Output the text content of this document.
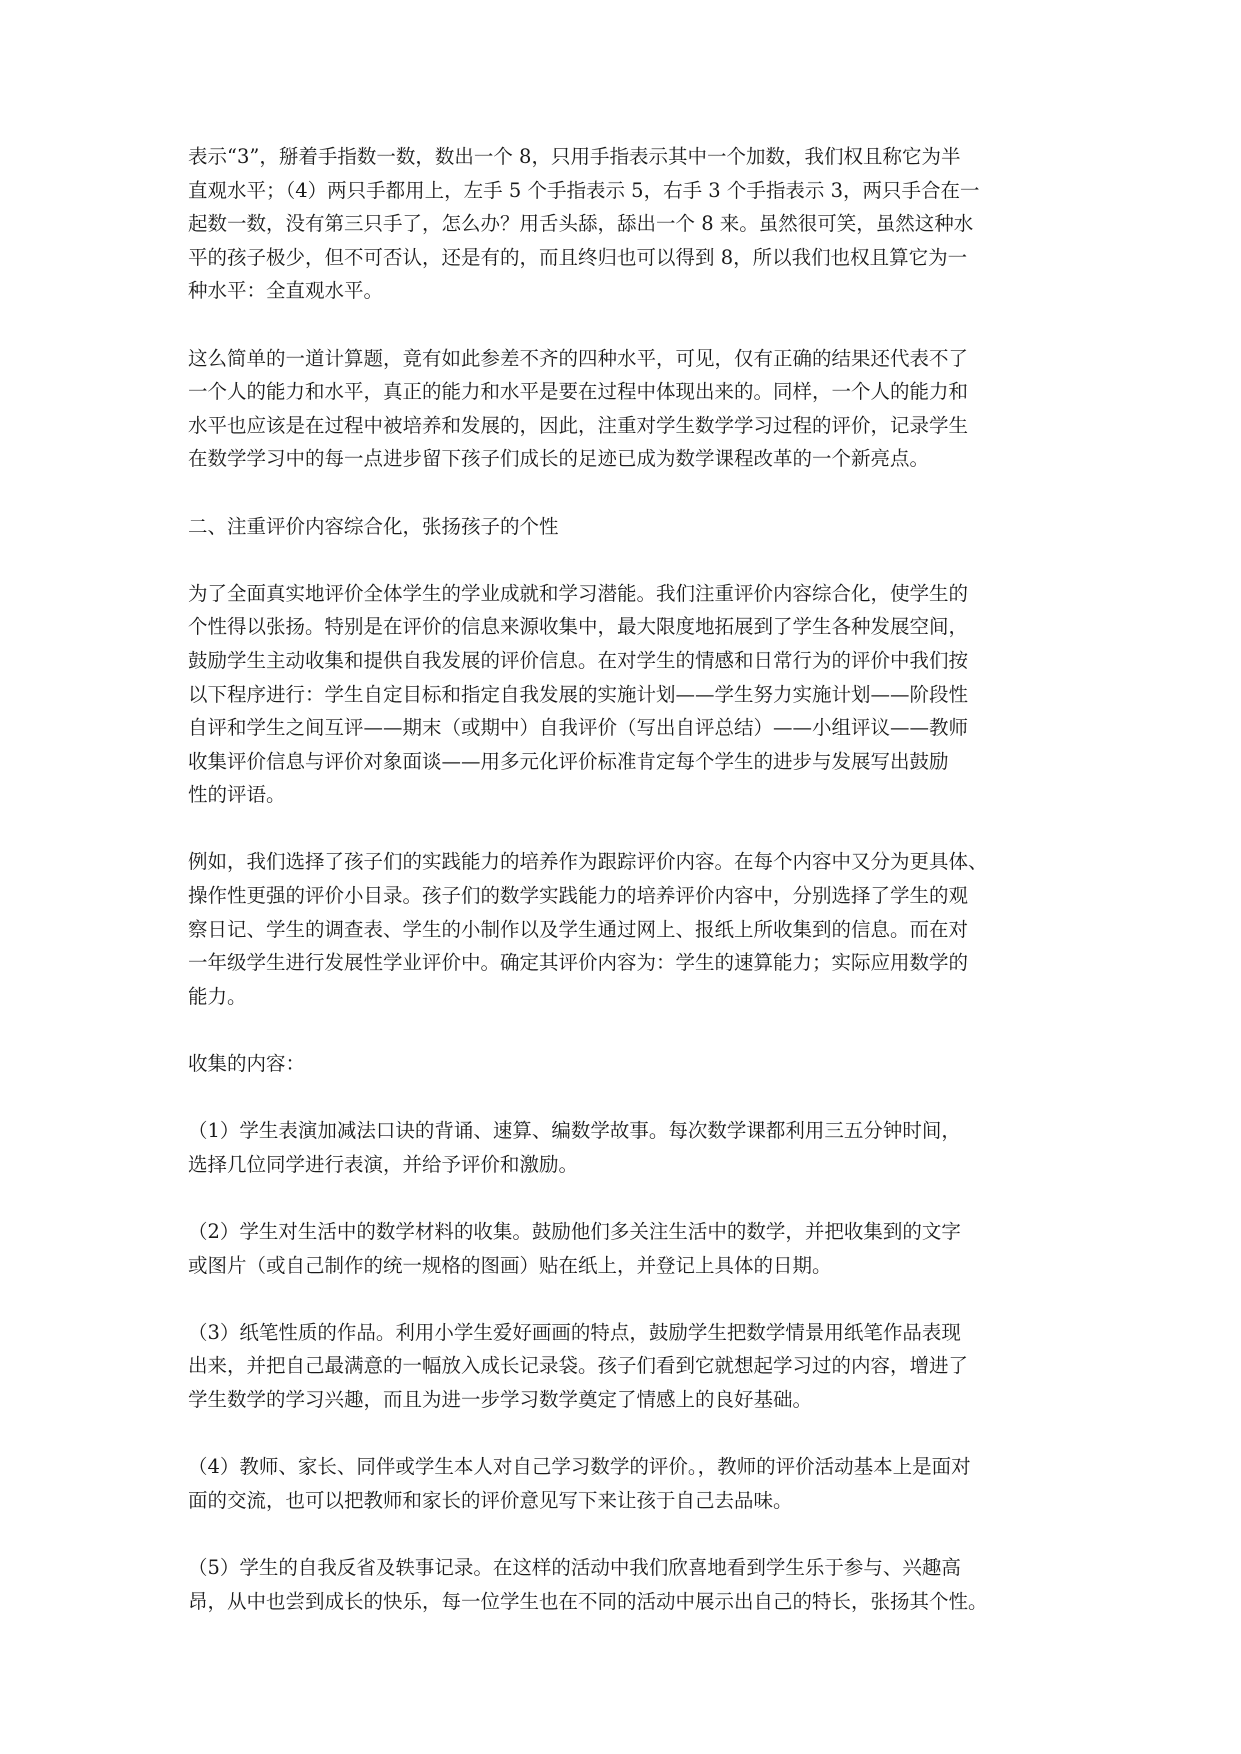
表示“3”，掰着手指数一数，数出一个 8，只用手指表示其中一个加数，我们权且称它为半
直观水平；（4）两只手都用上，左手 5 个手指表示 5，右手 3 个手指表示 3，两只手合在一
起数一数，没有第三只手了，怎么办？用舌头舔，舔出一个 8 来。虽然很可笑，虽然这种水
平的孩子极少，但不可否认，还是有的，而且终归也可以得到 8，所以我们也权且算它为一
种水平：全直观水平。

这么简单的一道计算题，竟有如此参差不齐的四种水平，可见，仅有正确的结果还代表不了
一个人的能力和水平，真正的能力和水平是要在过程中体现出来的。同样，一个人的能力和
水平也应该是在过程中被培养和发展的，因此，注重对学生数学学习过程的评价，记录学生
在数学学习中的每一点进步留下孩子们成长的足迹已成为数学课程改革的一个新亮点。

二、注重评价内容综合化，张扬孩子的个性

为了全面真实地评价全体学生的学业成就和学习潜能。我们注重评价内容综合化，使学生的
个性得以张扬。特别是在评价的信息来源收集中，最大限度地拓展到了学生各种发展空间，
鼓励学生主动收集和提供自我发展的评价信息。在对学生的情感和日常行为的评价中我们按
以下程序进行：学生自定目标和指定自我发展的实施计划——学生努力实施计划——阶段性
自评和学生之间互评——期末（或期中）自我评价（写出自评总结）——小组评议——教师
收集评价信息与评价对象面谈——用多元化评价标准肯定每个学生的进步与发展写出鼓励
性的评语。

例如，我们选择了孩子们的实践能力的培养作为跟踪评价内容。在每个内容中又分为更具体、
操作性更强的评价小目录。孩子们的数学实践能力的培养评价内容中，分别选择了学生的观
察日记、学生的调查表、学生的小制作以及学生通过网上、报纸上所收集到的信息。而在对
一年级学生进行发展性学业评价中。确定其评价内容为：学生的速算能力；实际应用数学的
能力。

收集的内容：

（1）学生表演加减法口诀的背诵、速算、编数学故事。每次数学课都利用三五分钟时间，
选择几位同学进行表演，并给予评价和激励。

（2）学生对生活中的数学材料的收集。鼓励他们多关注生活中的数学，并把收集到的文字
或图片（或自己制作的统一规格的图画）贴在纸上，并登记上具体的日期。

（3）纸笔性质的作品。利用小学生爱好画画的特点，鼓励学生把数学情景用纸笔作品表现
出来，并把自己最满意的一幅放入成长记录袋。孩子们看到它就想起学习过的内容，增进了
学生数学的学习兴趣，而且为进一步学习数学奠定了情感上的良好基础。

（4）教师、家长、同伴或学生本人对自己学习数学的评价。，教师的评价活动基本上是面对
面的交流，也可以把教师和家长的评价意见写下来让孩于自己去品味。

（5）学生的自我反省及轶事记录。在这样的活动中我们欣喜地看到学生乐于参与、兴趣高
昂，从中也尝到成长的快乐，每一位学生也在不同的活动中展示出自己的特长，张扬其个性。
